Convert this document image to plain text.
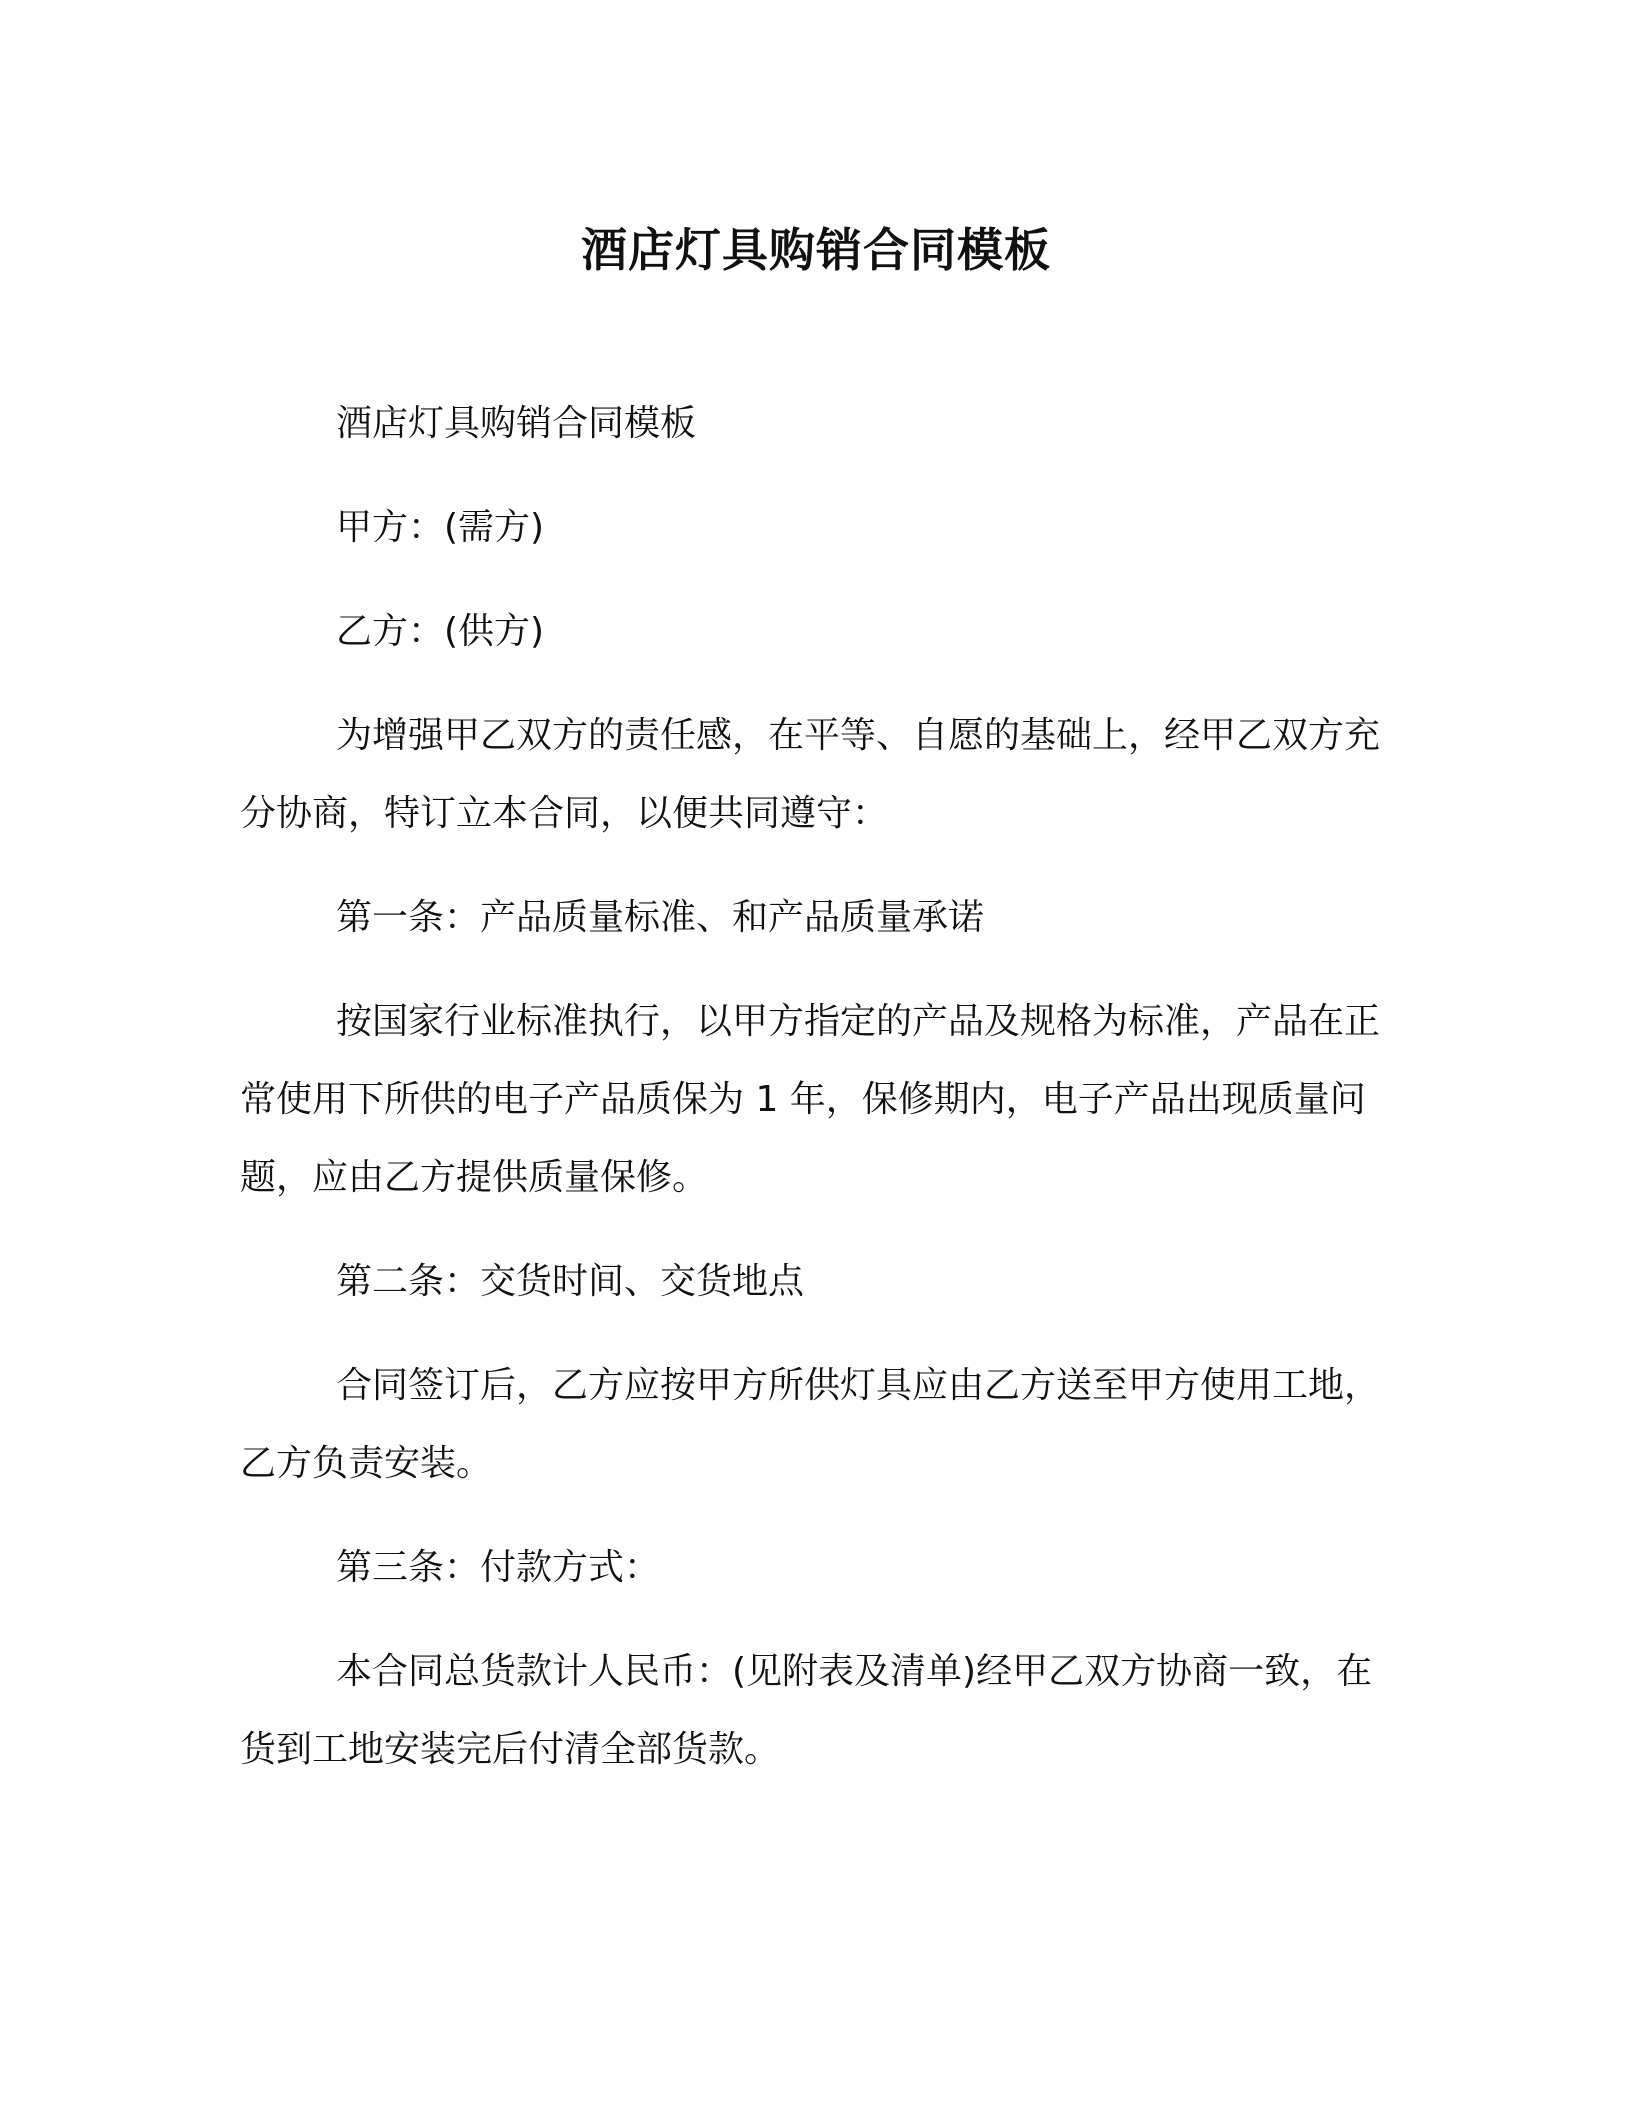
酒店灯具购销合同模板

酒店灯具购销合同模板

甲方：(需方)

乙方：(供方)

为增强甲乙双方的责任感，在平等、自愿的基础上，经甲乙双方充分协商，特订立本合同，以便共同遵守：

第一条：产品质量标准、和产品质量承诺

按国家行业标准执行，以甲方指定的产品及规格为标准，产品在正常使用下所供的电子产品质保为 1 年，保修期内，电子产品出现质量问题，应由乙方提供质量保修。

第二条：交货时间、交货地点

合同签订后，乙方应按甲方所供灯具应由乙方送至甲方使用工地，乙方负责安装。

第三条：付款方式：

本合同总货款计人民币：(见附表及清单)经甲乙双方协商一致，在货到工地安装完后付清全部货款。
